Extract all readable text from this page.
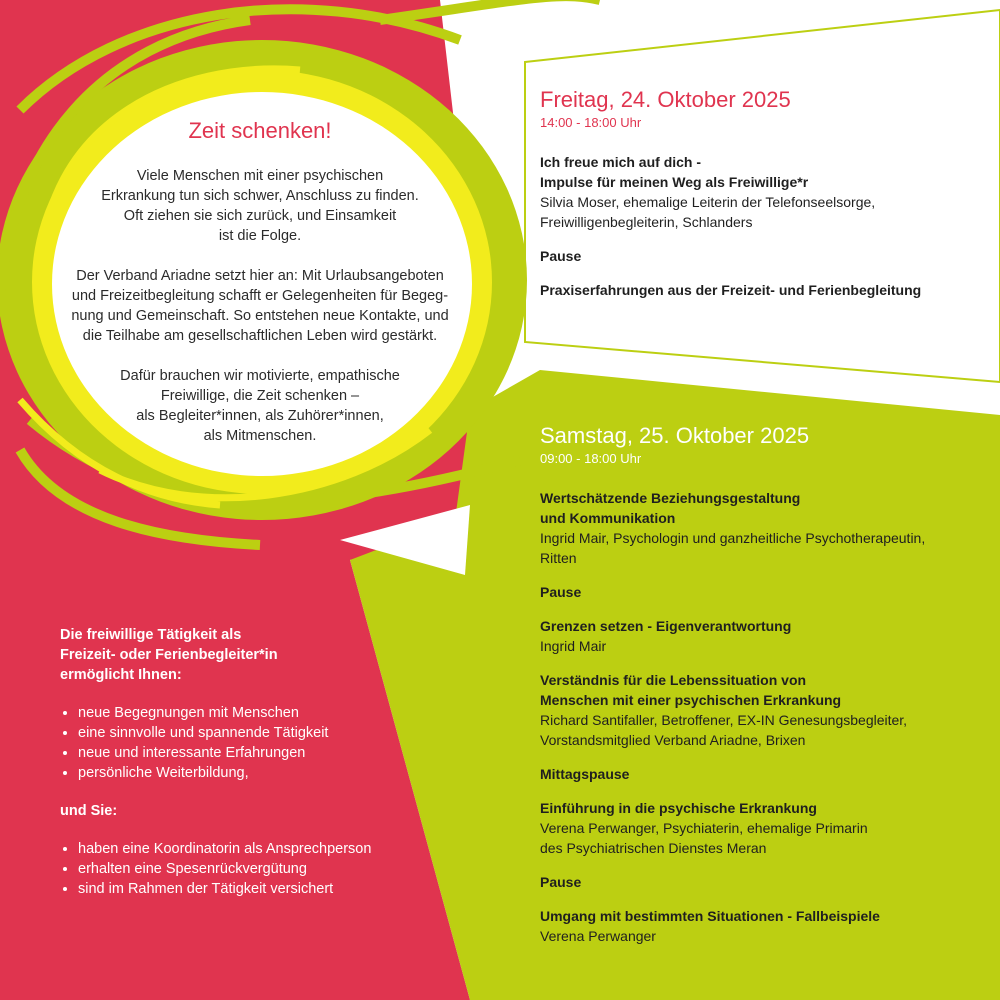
Zeit schenken!

Viele Menschen mit einer psychischen
Erkrankung tun sich schwer, Anschluss zu finden.
Oft ziehen sie sich zurück, und Einsamkeit
ist die Folge.

Der Verband Ariadne setzt hier an: Mit Urlaubsangeboten
und Freizeitbegleitung schafft er Gelegenheiten für Begeg-
nung und Gemeinschaft. So entstehen neue Kontakte, und
die Teilhabe am gesellschaftlichen Leben wird gestärkt.

Dafür brauchen wir motivierte, empathische
Freiwillige, die Zeit schenken –
als Begleiter*innen, als Zuhörer*innen,
als Mitmenschen.

Die freiwillige Tätigkeit als
Freizeit- oder Ferienbegleiter*in
ermöglicht Ihnen:
• neue Begegnungen mit Menschen
• eine sinnvolle und spannende Tätigkeit
• neue und interessante Erfahrungen
• persönliche Weiterbildung,
und Sie:
• haben eine Koordinatorin als Ansprechperson
• erhalten eine Spesenrückvergütung
• sind im Rahmen der Tätigkeit versichert
Freitag, 24. Oktober 2025
14:00 - 18:00 Uhr
Ich freue mich auf dich -
Impulse für meinen Weg als Freiwillige*r
Silvia Moser, ehemalige Leiterin der Telefonseelsorge,
Freiwilligenbegleiterin, Schlanders
Pause
Praxiserfahrungen aus der Freizeit- und Ferienbegleitung
Samstag, 25. Oktober 2025
09:00 - 18:00 Uhr
Wertschätzende Beziehungsgestaltung
und Kommunikation
Ingrid Mair, Psychologin und ganzheitliche Psychotherapeutin,
Ritten
Pause
Grenzen setzen - Eigenverantwortung
Ingrid Mair
Verständnis für die Lebenssituation von
Menschen mit einer psychischen Erkrankung
Richard Santifaller, Betroffener, EX-IN Genesungsbegleiter,
Vorstandsmitglied Verband Ariadne, Brixen
Mittagspause
Einführung in die psychische Erkrankung
Verena Perwanger, Psychiaterin, ehemalige Primarin
des Psychiatrischen Dienstes Meran
Pause
Umgang mit bestimmten Situationen - Fallbeispiele
Verena Perwanger
